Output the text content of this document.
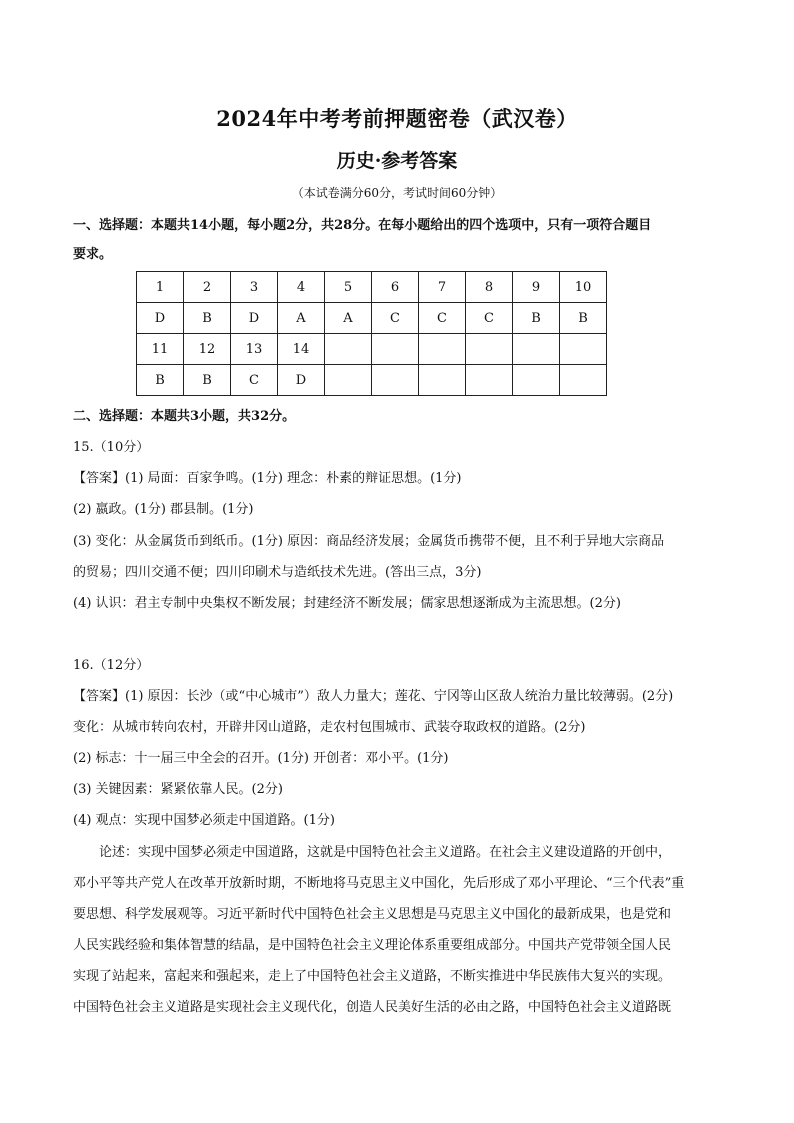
2024年中考考前押题密卷（武汉卷）
历史·参考答案
（本试卷满分60分，考试时间60分钟）
一、选择题：本题共14小题，每小题2分，共28分。在每小题给出的四个选项中，只有一项符合题目
要求。
1	2	3	4	5	6	7	8	9	10
D	B	D	A	A	C	C	C	B	B
11	12	13	14						
B	B	C	D						
二、选择题：本题共3小题，共32分。
15.（10分）
【答案】(1) 局面：百家争鸣。(1分) 理念：朴素的辩证思想。(1分)
(2) 嬴政。(1分) 郡县制。(1分)
(3) 变化：从金属货币到纸币。(1分) 原因：商品经济发展；金属货币携带不便，且不利于异地大宗商品
的贸易；四川交通不便；四川印刷术与造纸技术先进。(答出三点，3分)
(4) 认识：君主专制中央集权不断发展；封建经济不断发展；儒家思想逐渐成为主流思想。(2分)
16.（12分）
【答案】(1) 原因：长沙（或“中心城市”）敌人力量大；莲花、宁冈等山区敌人统治力量比较薄弱。(2分)
变化：从城市转向农村，开辟井冈山道路，走农村包围城市、武装夺取政权的道路。(2分)
(2) 标志：十一届三中全会的召开。(1分) 开创者：邓小平。(1分)
(3) 关键因素：紧紧依靠人民。(2分)
(4) 观点：实现中国梦必须走中国道路。(1分)
论述：实现中国梦必须走中国道路，这就是中国特色社会主义道路。在社会主义建设道路的开创中，
邓小平等共产党人在改革开放新时期，不断地将马克思主义中国化，先后形成了邓小平理论、“三个代表”重
要思想、科学发展观等。习近平新时代中国特色社会主义思想是马克思主义中国化的最新成果，也是党和
人民实践经验和集体智慧的结晶，是中国特色社会主义理论体系重要组成部分。中国共产党带领全国人民
实现了站起来，富起来和强起来，走上了中国特色社会主义道路，不断实推进中华民族伟大复兴的实现。
中国特色社会主义道路是实现社会主义现代化，创造人民美好生活的必由之路，中国特色社会主义道路既
